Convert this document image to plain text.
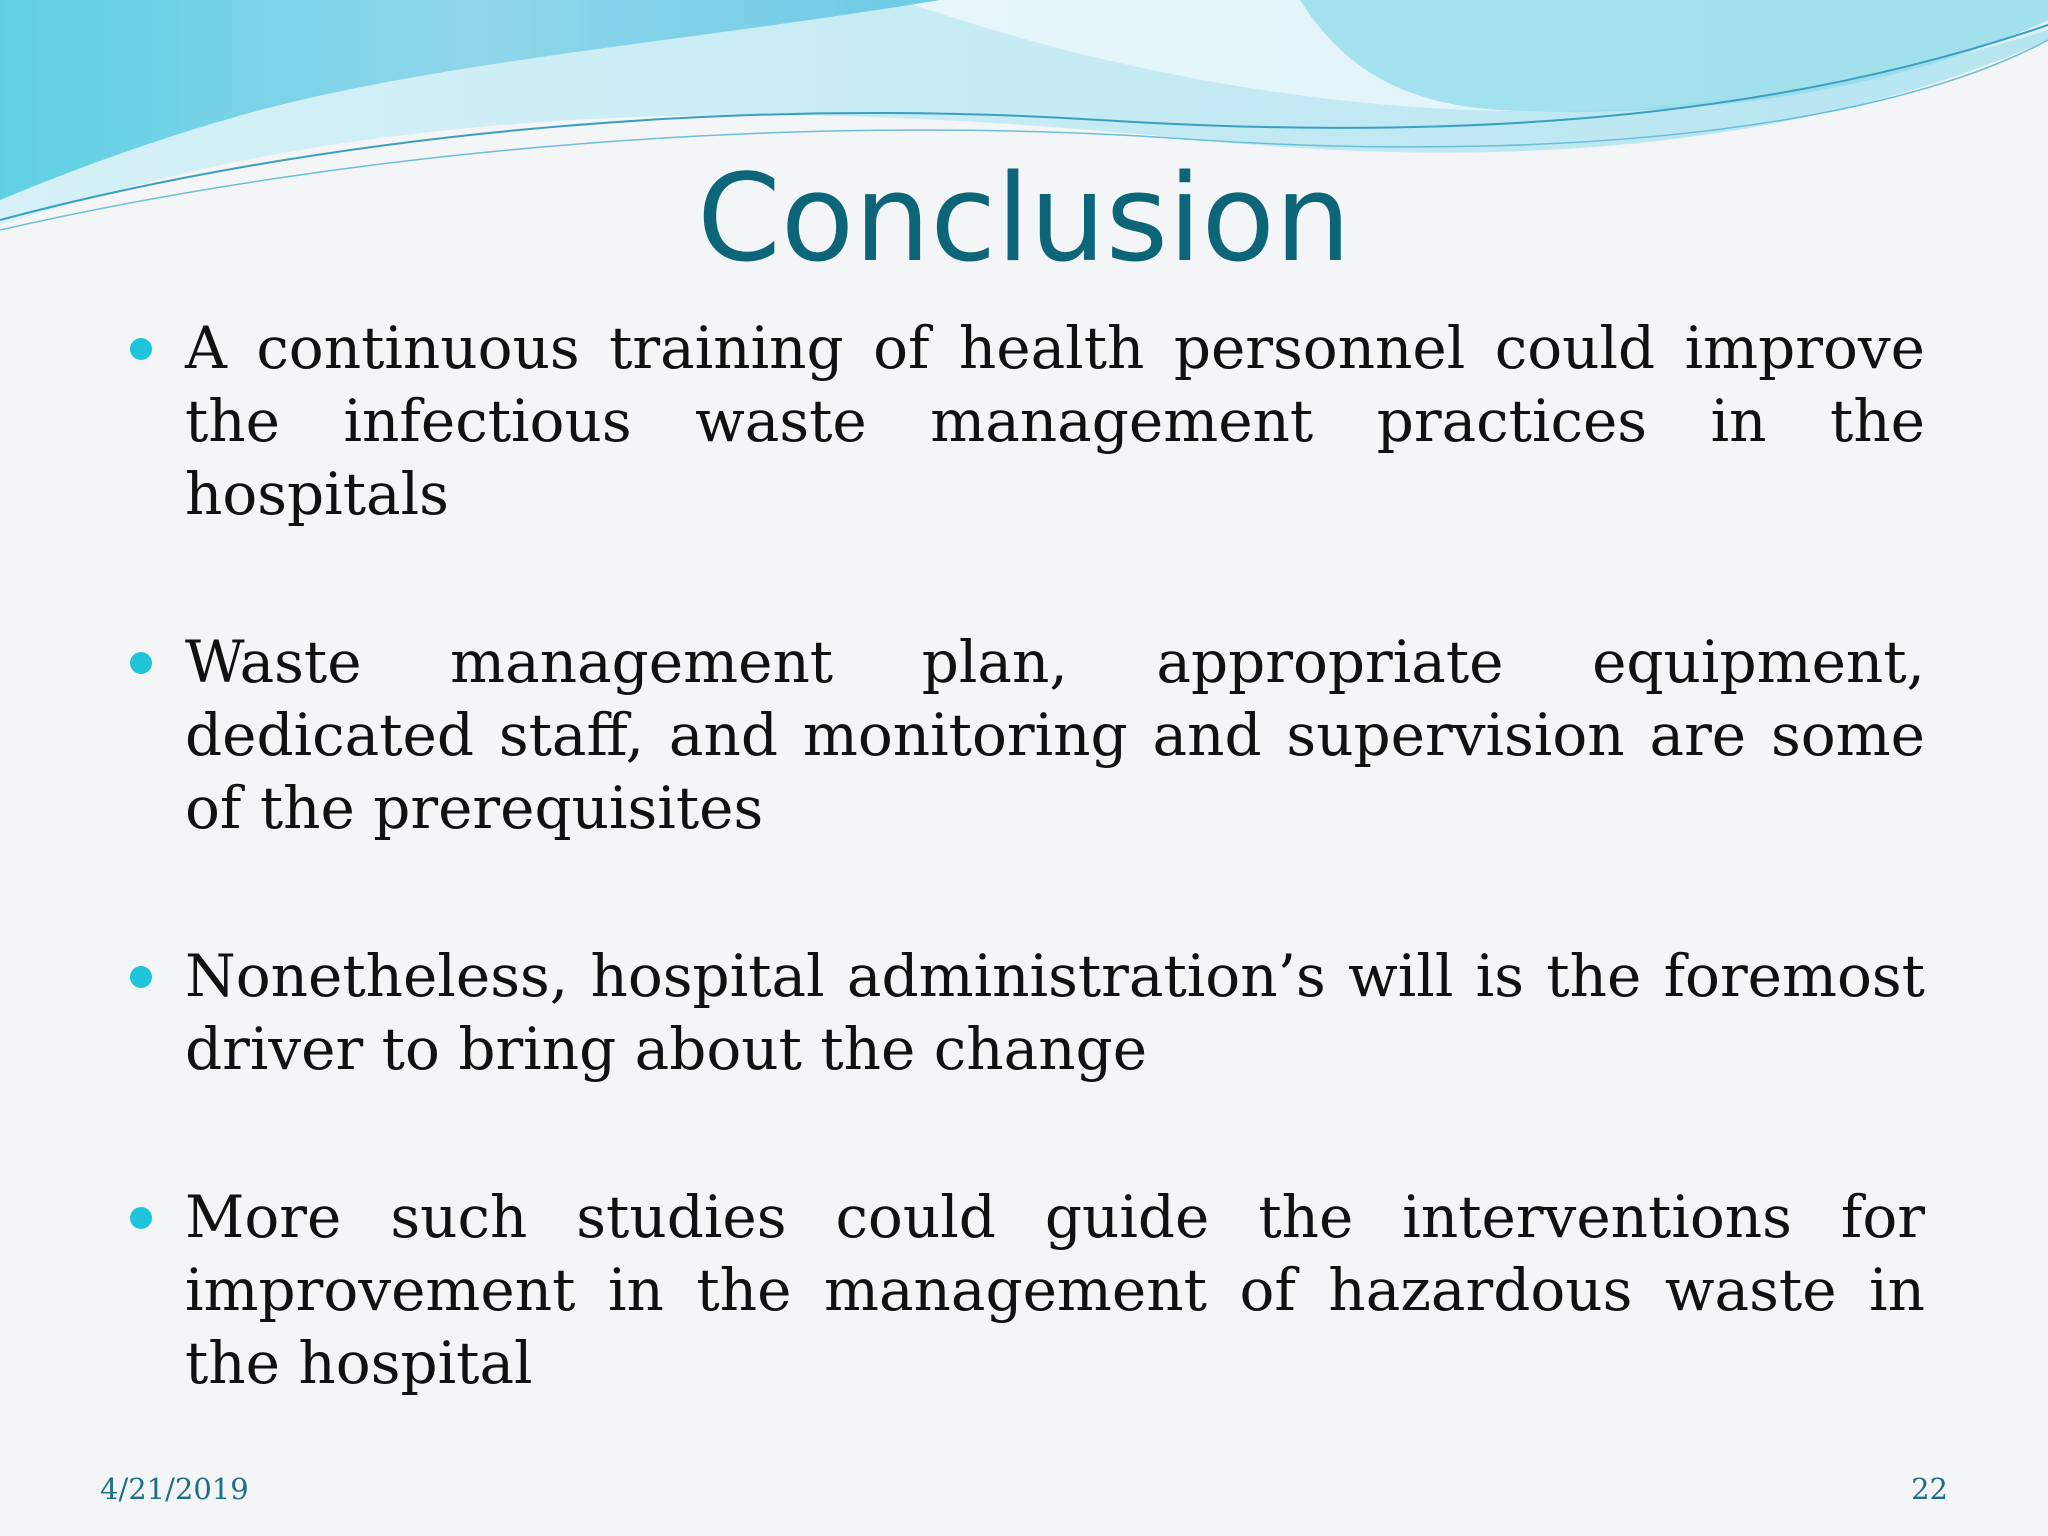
Conclusion
A continuous training of health personnel could improve the infectious waste management practices in the hospitals
Waste management plan, appropriate equipment, dedicated staff, and monitoring and supervision are some of the prerequisites
Nonetheless, hospital administration’s will is the foremost driver to bring about the change
More such studies could guide the interventions for improvement in the management of hazardous waste in the hospital
4/21/2019	22
